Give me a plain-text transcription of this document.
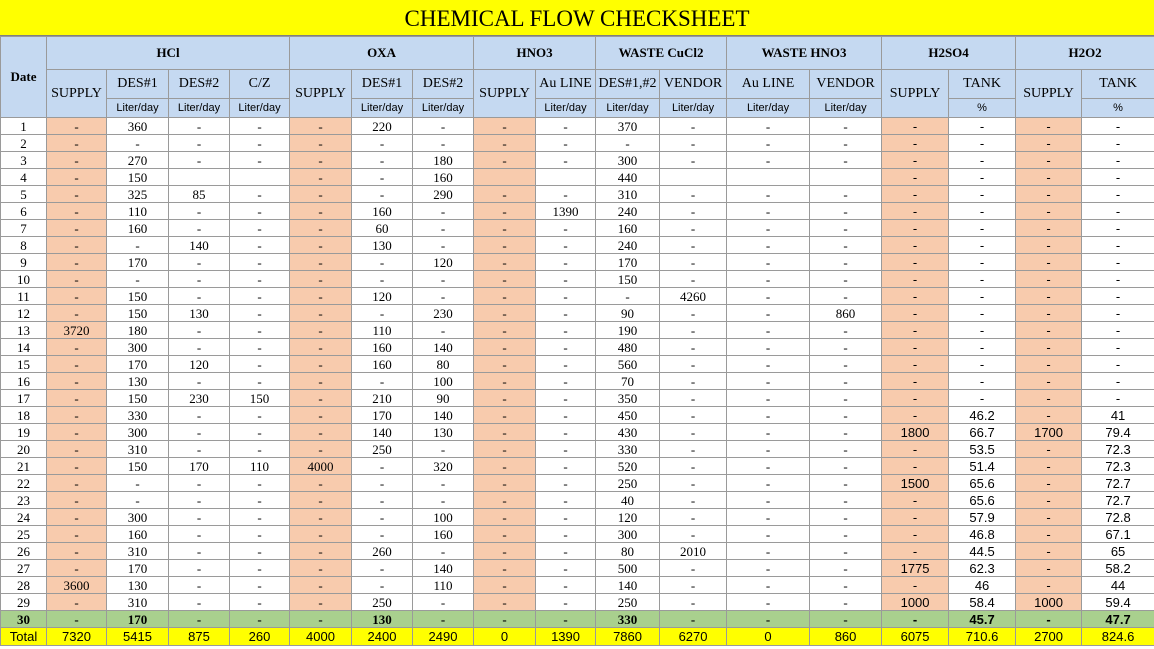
CHEMICAL FLOW CHECKSHEET
Date	HCl				OXA			HNO3		WASTE CuCl2		WASTE HNO3		H2SO4		H2O2	
	SUPPLY	DES#1	DES#2	C/Z	SUPPLY	DES#1	DES#2	SUPPLY	Au LINE	DES#1,#2	VENDOR	Au LINE	VENDOR	SUPPLY	TANK	SUPPLY	TANK
		Liter/day	Liter/day	Liter/day		Liter/day	Liter/day		Liter/day	Liter/day	Liter/day	Liter/day	Liter/day		%		%
1	-	360	-	-	-	220	-	-	-	370	-	-	-	-	-	-	-
2	-	-	-	-	-	-	-	-	-	-	-	-	-	-	-	-	-
3	-	270	-	-	-	-	180	-	-	300	-	-	-	-	-	-	-
4	-	150			-	-	160			440				-	-	-	-
5	-	325	85	-	-	-	290	-	-	310	-	-	-	-	-	-	-
6	-	110	-	-	-	160	-	-	1390	240	-	-	-	-	-	-	-
7	-	160	-	-	-	60	-	-	-	160	-	-	-	-	-	-	-
8	-	-	140	-	-	130	-	-	-	240	-	-	-	-	-	-	-
9	-	170	-	-	-	-	120	-	-	170	-	-	-	-	-	-	-
10	-	-	-	-	-	-	-	-	-	150	-	-	-	-	-	-	-
11	-	150	-	-	-	120	-	-	-	-	4260	-	-	-	-	-	-
12	-	150	130	-	-	-	230	-	-	90	-	-	860	-	-	-	-
13	3720	180	-	-	-	110	-	-	-	190	-	-	-	-	-	-	-
14	-	300	-	-	-	160	140	-	-	480	-	-	-	-	-	-	-
15	-	170	120	-	-	160	80	-	-	560	-	-	-	-	-	-	-
16	-	130	-	-	-	-	100	-	-	70	-	-	-	-	-	-	-
17	-	150	230	150	-	210	90	-	-	350	-	-	-	-	-	-	-
18	-	330	-	-	-	170	140	-	-	450	-	-	-	-	46.2	-	41
19	-	300	-	-	-	140	130	-	-	430	-	-	-	1800	66.7	1700	79.4
20	-	310	-	-	-	250	-	-	-	330	-	-	-	-	53.5	-	72.3
21	-	150	170	110	4000	-	320	-	-	520	-	-	-	-	51.4	-	72.3
22	-	-	-	-	-	-	-	-	-	250	-	-	-	1500	65.6	-	72.7
23	-	-	-	-	-	-	-	-	-	40	-	-	-	-	65.6	-	72.7
24	-	300	-	-	-	-	100	-	-	120	-	-	-	-	57.9	-	72.8
25	-	160	-	-	-	-	160	-	-	300	-	-	-	-	46.8	-	67.1
26	-	310	-	-	-	260	-	-	-	80	2010	-	-	-	44.5	-	65
27	-	170	-	-	-	-	140	-	-	500	-	-	-	1775	62.3	-	58.2
28	3600	130	-	-	-	-	110	-	-	140	-	-	-	-	46	-	44
29	-	310	-	-	-	250	-	-	-	250	-	-	-	1000	58.4	1000	59.4
30	-	170	-	-	-	130	-	-	-	330	-	-	-	-	45.7	-	47.7
Total	7320	5415	875	260	4000	2400	2490	0	1390	7860	6270	0	860	6075	710.6	2700	824.6
